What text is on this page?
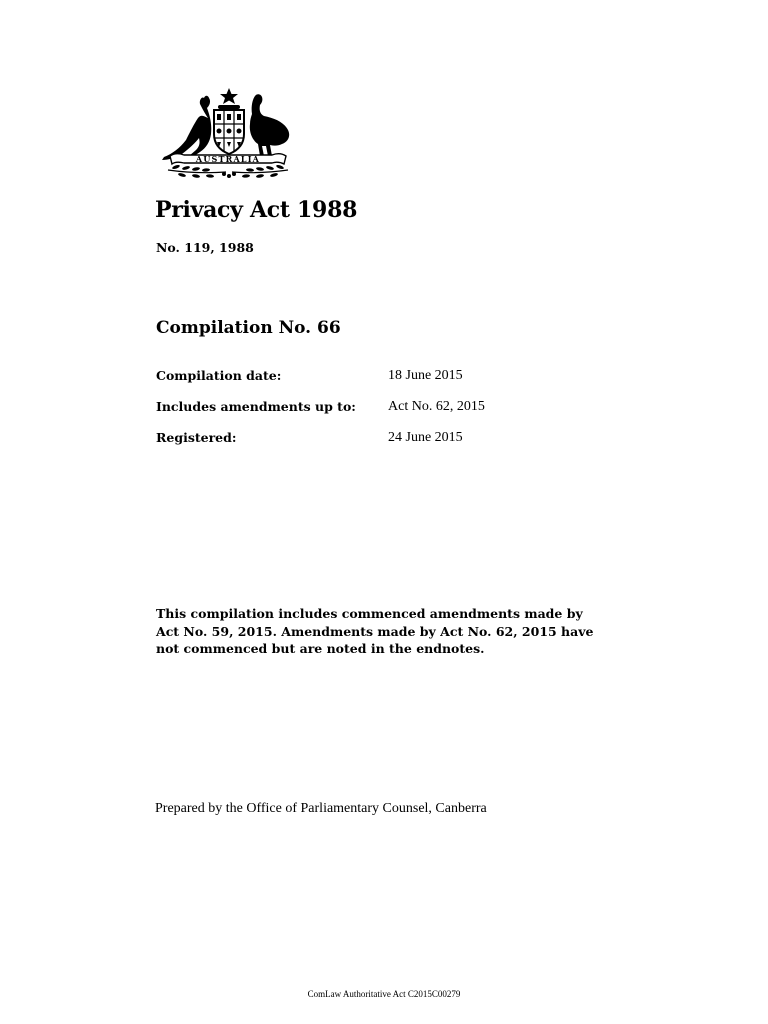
AUSTRALIA
Privacy Act 1988
No. 119, 1988
Compilation No. 66
Compilation date:	18 June 2015
Includes amendments up to: Act No. 62, 2015
Registered:	24 June 2015
This compilation includes commenced amendments made by Act No. 59, 2015. Amendments made by Act No. 62, 2015 have not commenced but are noted in the endnotes.
Prepared by the Office of Parliamentary Counsel, Canberra
ComLaw Authoritative Act C2015C00279
